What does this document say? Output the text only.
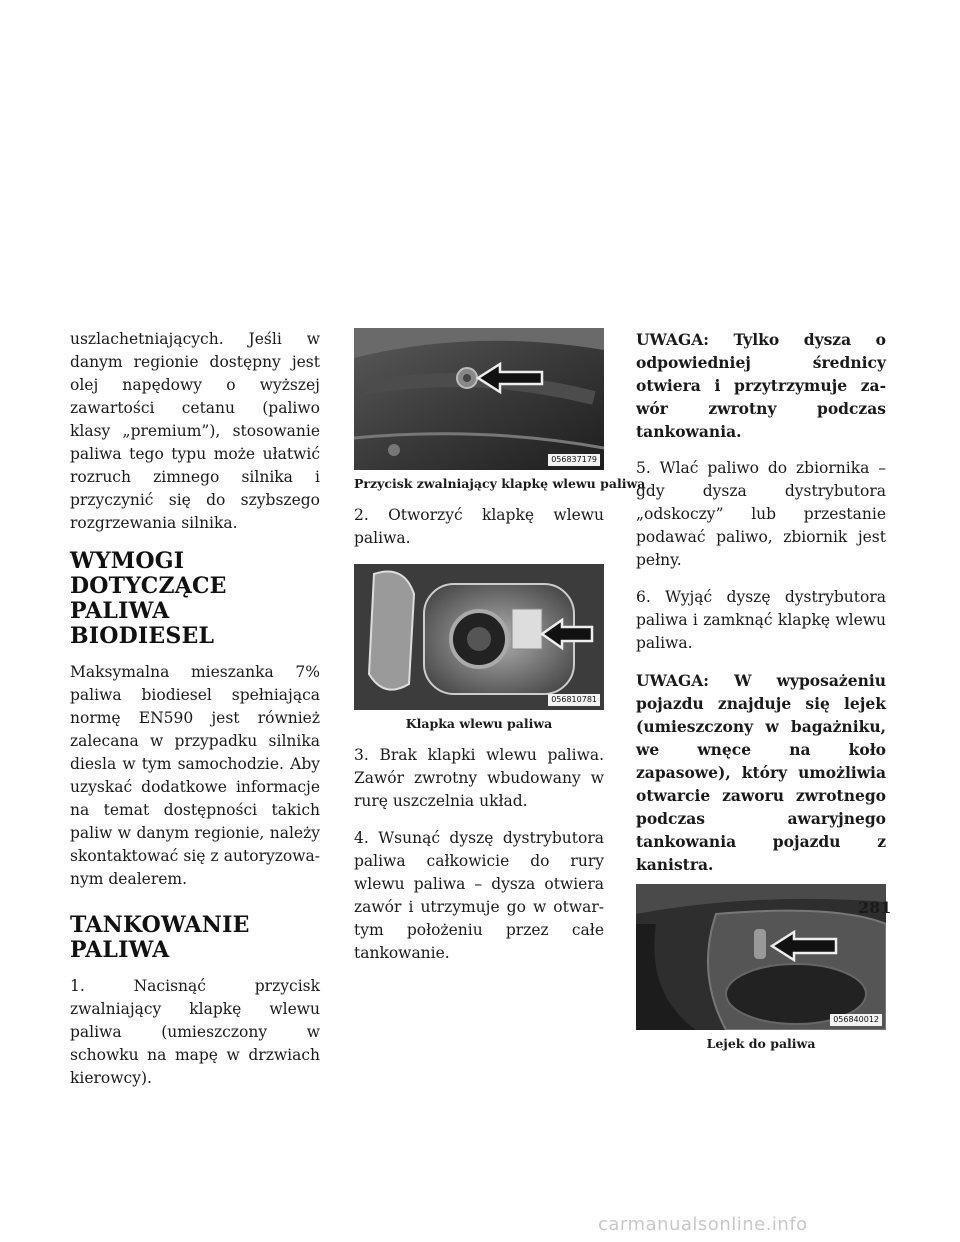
uszlachetniających. Jeśli w danym regionie dostępny jest olej napędowy o wyższej zawartości cetanu (paliwo klasy „premium”), stosowanie paliwa tego typu może ułatwić rozruch zimnego silnika i przyczynić się do szybszego rozgrzewania silnika.

WYMOGI DOTYCZĄCE PALIWA BIODIESEL

Maksymalna mieszanka 7% paliwa biodiesel spełniająca normę EN590 jest również zalecana w przypadku silnika diesla w tym samochodzie. Aby uzyskać dodatkowe informacje na temat dostępności takich paliw w danym regionie, należy skontaktować się z autoryzowanym dealerem.

TANKOWANIE PALIWA

1. Nacisnąć przycisk zwalniający klapkę wlewu paliwa (umieszczony w schowku na mapę w drzwiach kierowcy).

056837179
Przycisk zwalniający klapkę wlewu paliwa

2. Otworzyć klapkę wlewu paliwa.

056810781
Klapka wlewu paliwa

3. Brak klapki wlewu paliwa. Zawór zwrotny wbudowany w rurę uszczelnia układ.

4. Wsunąć dyszę dystrybutora paliwa całkowicie do rury wlewu paliwa – dysza otwiera zawór i utrzymuje go w otwartym położeniu przez całe tankowanie.

UWAGA: Tylko dysza o odpowiedniej średnicy otwiera i przytrzymuje zawór zwrotny podczas tankowania.

5. Wlać paliwo do zbiornika – gdy dysza dystrybutora „odskoczy” lub przestanie podawać paliwo, zbiornik jest pełny.

6. Wyjąć dyszę dystrybutora paliwa i zamknąć klapkę wlewu paliwa.

UWAGA: W wyposażeniu pojazdu znajduje się lejek (umieszczony w bagażniku, we wnęce na koło zapasowe), który umożliwia otwarcie zaworu zwrotnego podczas awaryjnego tankowania pojazdu z kanistra.

056840012
Lejek do paliwa
281
carmanualsonline.info
